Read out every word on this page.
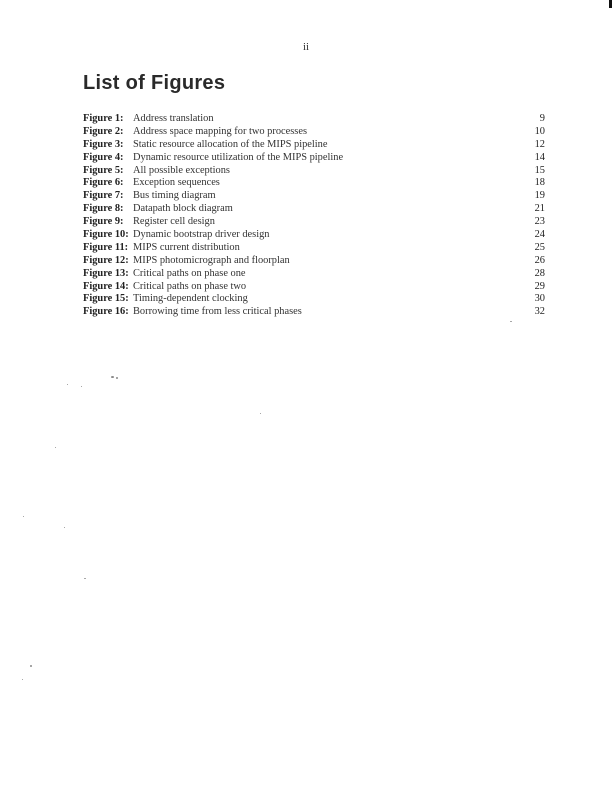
ii
List of Figures
Figure 1: Address translation	9
Figure 2: Address space mapping for two processes	10
Figure 3: Static resource allocation of the MIPS pipeline	12
Figure 4: Dynamic resource utilization of the MIPS pipeline	14
Figure 5: All possible exceptions	15
Figure 6: Exception sequences	18
Figure 7: Bus timing diagram	19
Figure 8: Datapath block diagram	21
Figure 9: Register cell design	23
Figure 10: Dynamic bootstrap driver design	24
Figure 11: MIPS current distribution	25
Figure 12: MIPS photomicrograph and floorplan	26
Figure 13: Critical paths on phase one	28
Figure 14: Critical paths on phase two	29
Figure 15: Timing-dependent clocking	30
Figure 16: Borrowing time from less critical phases	32
